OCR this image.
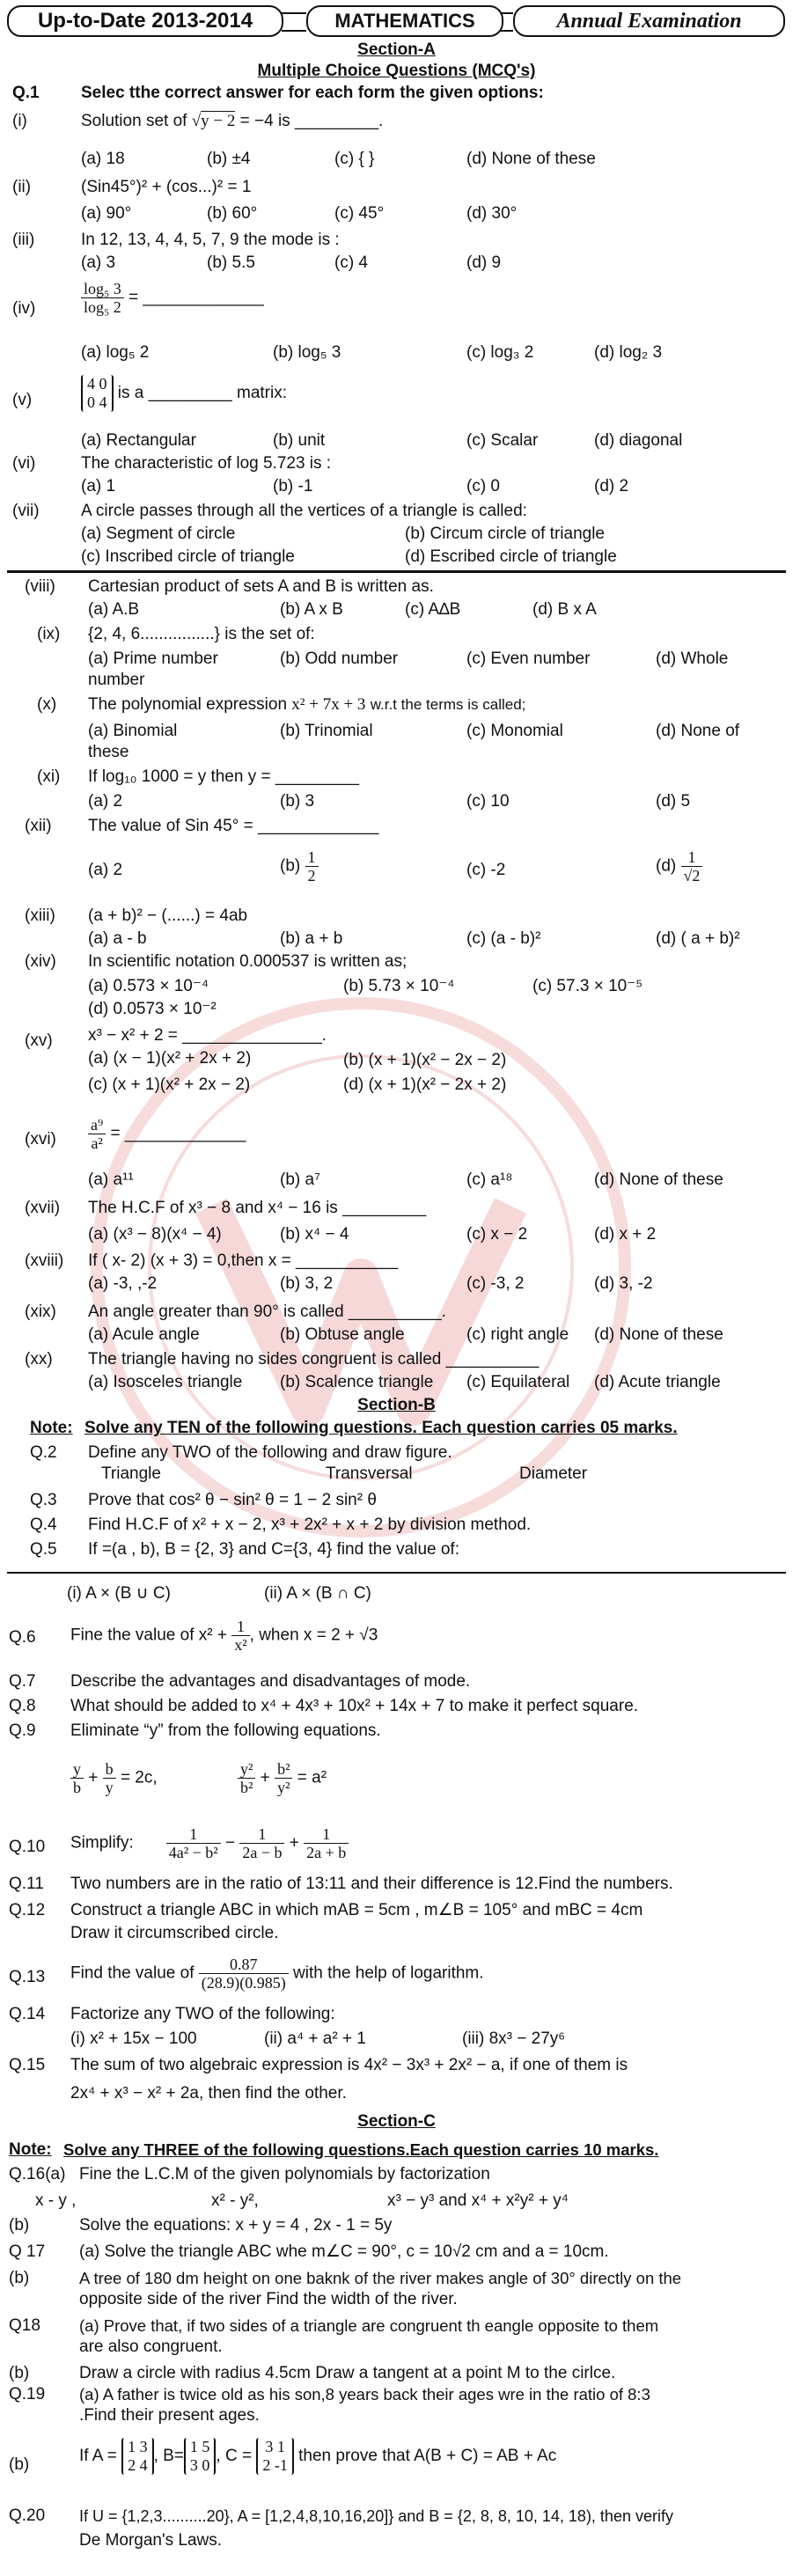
Up-to-Date 2013-2014	MATHEMATICS	Annual Examination
Section-A
Multiple Choice Questions (MCQ's)
Q.1 Selec tthe correct answer for each form the given options:
(i)	Solution set of √y − 2 = −4 is _________.
(a) 18	(b) ±4	(c) { }	(d) None of these
(ii)	(Sin45°)² + (cos...)² = 1
(a) 90°	(b) 60°	(c) 45°	(d) 30°
(iii)	In 12, 13, 4, 4, 5, 7, 9 the mode is :
(a) 3	(b) 5.5	(c) 4	(d) 9
(iv)	$\frac{\text{log₅ 3}}{\text{log₅ 2}}$ = _____________
(a) log₅ 2	(b) log₅ 3	(c) log₃ 2	(d) log₂ 3
(v)
4 0
0 4 is a _________ matrix:
(a) Rectangular	(b) unit	(c) Scalar	(d) diagonal
(vi)	The characteristic of log 5.723 is :
(a) 1	(b) -1	(c) 0	(d) 2
(vii) A circle passes through all the vertices of a triangle is called:
(a) Segment of circle	(b) Circum circle of triangle
(c) Inscribed circle of triangle	(d) Escribed circle of triangle
(viii) Cartesian product of sets A and B is written as.
(a) A.B	(b) A x B	(c) A∆B	(d) B x A
(ix) {2, 4, 6................} is the set of:
(a) Prime number	(b) Odd number	(c) Even number	(d) Whole
number
(x) The polynomial expression x² + 7x + 3 w.r.t the terms is called;
(a) Binomial	(b) Trinomial	(c) Monomial	(d) None of
these
(xi) If log₁₀ 1000 = y then y = _________
(a) 2	(b) 3	(c) 10	(d) 5
(xii) The value of Sin 45° = _____________
(a) 2	$(b) \frac{1}{2}$	(c) -2	$(d) \frac{1}{√2}$
(xiii) (a + b)² − (......) = 4ab
(a) a - b	(b) a + b	(c) (a - b)²	(d) ( a + b)²
(xiv) In scientific notation 0.000537 is written as;
(a) 0.573 × 10⁻⁴	(b) 5.73 × 10⁻⁴	(c) 57.3 × 10⁻⁵
(d) 0.0573 × 10⁻²
(xv) x³ − x² + 2 = _______________.
(a) (x − 1)(x² + 2x + 2)	(b) (x + 1)(x² − 2x − 2)
(c) (x + 1)(x² + 2x − 2)	(d) (x + 1)(x² − 2x + 2)
$(xvi) \frac{\text{a⁹}}{\text{a²}}$ = _____________
(a) a¹¹	(b) a⁷	(c) a¹⁸	(d) None of these
(xvii) The H.C.F of x³ − 8 and x⁴ − 16 is _________
(a) (x³ − 8)(x⁴ − 4)	(b) x⁴ − 4	(c) x − 2	(d) x + 2
(xviii) If ( x- 2) (x + 3) = 0,then x = ___________
(a) -3, ,-2	(b) 3, 2	(c) -3, 2	(d) 3, -2
(xix) An angle greater than 90° is called __________.
(a) Acule angle	(b) Obtuse angle	(c) right angle (d) None of these
(xx) The triangle having no sides congruent is called __________
(a) Isosceles triangle (b) Scalence triangle (c) Equilateral (d) Acute triangle
Section-B
Note: Solve any TEN of the following questions. Each question carries 05 marks.
Q.2 Define any TWO of the following and draw figure.
Triangle	Transversal	Diameter
Q.3 Prove that cos² θ − sin² θ = 1 − 2 sin² θ
Q.4 Find H.C.F of x² + x − 2, x³ + 2x² + x + 2 by division method.
Q.5 If =(a , b), B = {2, 3} and C={3, 4} find the value of:
(i) A × (B ∪ C)	(ii) A × (B ∩ C)
Q.6 Fine the value of $x^2 + \frac{1}{\text{x²}}$ , when x = 2 + √3
Q.7 Describe the advantages and disadvantages of mode.
Q.8 What should be added to x⁴ + 4x³ + 10x² + 14x + 7 to make it perfect square.
Q.9 Eliminate “y” from the following equations.
$\frac{y}{b} + \frac{b}{y} = 2c$,	$\frac{\text{y²}}{\text{b²}} + \frac{\text{b²}}{\text{y²}} = a^2$
Q.10 Simplify: $\frac{1}{\text{4a² − b²}} - \frac{1}{2a - b} + \frac{1}{2a + b}$
Q.11 Two numbers are in the ratio of 13:11 and their difference is 12.Find the numbers.
Q.12 Construct a triangle ABC in which mAB = 5cm , m∠B = 105° and mBC = 4cm
Draw it circumscribed circle.
Q.13 Find the value of $\frac{0.87}{(28.9)(0.985)}$ with the help of logarithm.
Q.14 Factorize any TWO of the following:
(i) x² + 15x − 100	(ii) a⁴ + a² + 1	(iii) 8x³ − 27y⁶
Q.15 The sum of two algebraic expression is 4x² − 3x³ + 2x² − a, if one of them is
2x⁴ + x³ − x² + 2a, then find the other.
Section-C
Note: Solve any THREE of the following questions.Each question carries 10 marks.
Q.16(a) Fine the L.C.M of the given polynomials by factorization
x - y ,	x² - y²,	x³ − y³ and x⁴ + x²y² + y⁴
(b)	Solve the equations: x + y = 4 , 2x - 1 = 5y
Q 17 (a) Solve the triangle ABC whe m∠C = 90°, c = 10√2 cm and a = 10cm.
(b)	A tree of 180 dm height on one baknk of the river makes angle of 30° directly on the
opposite side of the river Find the width of the river.
Q18 (a) Prove that, if two sides of a triangle are congruent th eangle opposite to them
are also congruent.
(b)	Draw a circle with radius 4.5cm Draw a tangent at a point M to the cirlce.
Q.19 (a) A father is twice old as his son,8 years back their ages wre in the ratio of 8:3
.Find their present ages.
(b)	If A =
1 3
2 4 , B=
1 5
3 0 , C =
3 1
2 -1 then prove that A(B + C) = AB + Ac
Q.20 If U = {1,2,3..........20}, A = [1,2,4,8,10,16,20]} and B = {2, 8, 8, 10, 14, 18), then verify
De Morgan's Laws.
